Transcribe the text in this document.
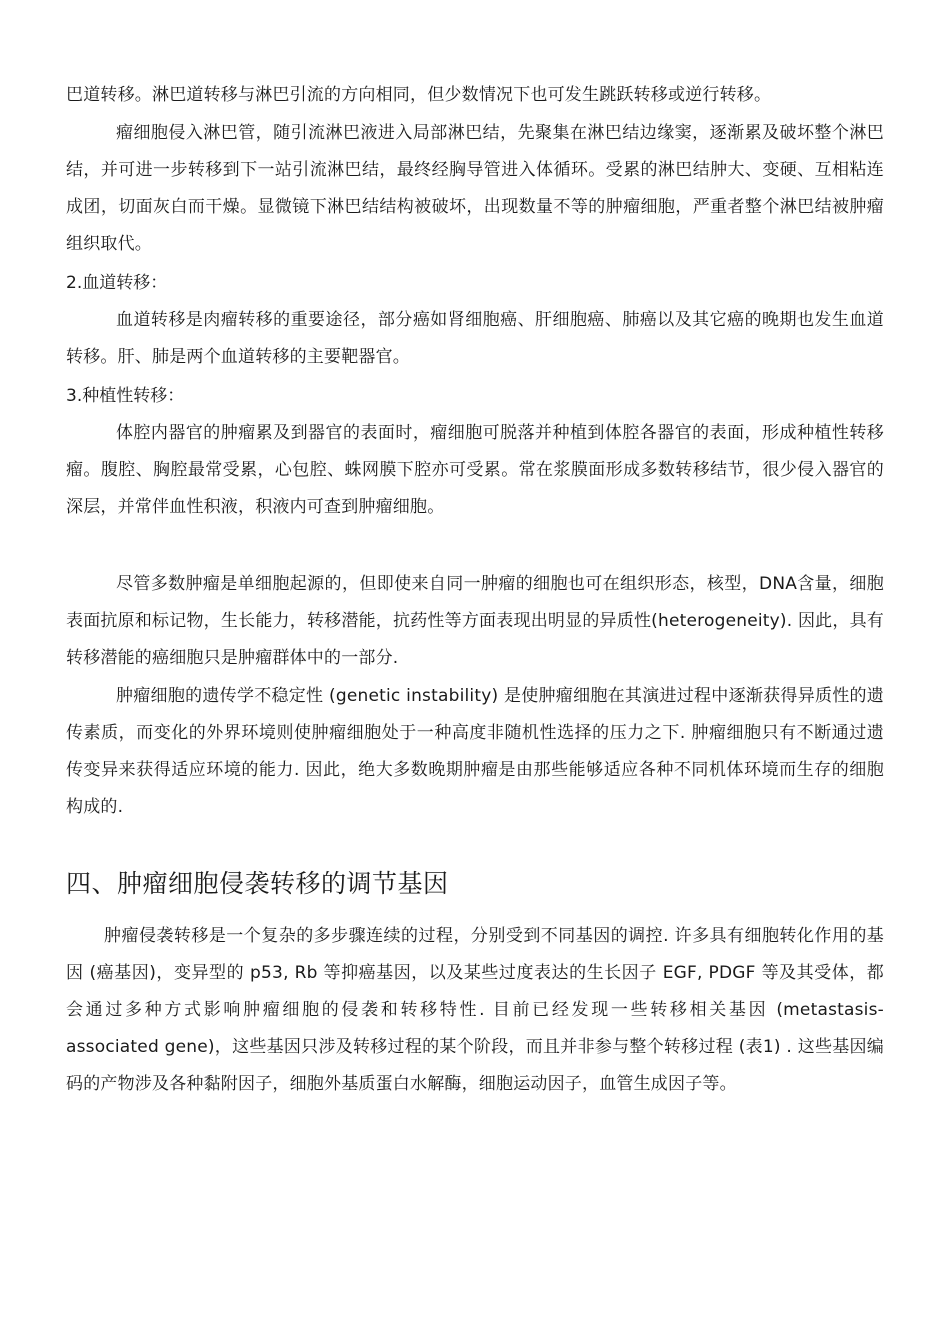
巴道转移。淋巴道转移与淋巴引流的方向相同，但少数情况下也可发生跳跃转移或逆行转移。

瘤细胞侵入淋巴管，随引流淋巴液进入局部淋巴结，先聚集在淋巴结边缘窦，逐渐累及破坏整个淋巴结，并可进一步转移到下一站引流淋巴结，最终经胸导管进入体循环。受累的淋巴结肿大、变硬、互相粘连成团，切面灰白而干燥。显微镜下淋巴结结构被破坏，出现数量不等的肿瘤细胞，严重者整个淋巴结被肿瘤组织取代。

2.血道转移：

血道转移是肉瘤转移的重要途径，部分癌如肾细胞癌、肝细胞癌、肺癌以及其它癌的晚期也发生血道转移。肝、肺是两个血道转移的主要靶器官。

3.种植性转移：

体腔内器官的肿瘤累及到器官的表面时，瘤细胞可脱落并种植到体腔各器官的表面，形成种植性转移瘤。腹腔、胸腔最常受累，心包腔、蛛网膜下腔亦可受累。常在浆膜面形成多数转移结节，很少侵入器官的深层，并常伴血性积液，积液内可查到肿瘤细胞。

尽管多数肿瘤是单细胞起源的，但即使来自同一肿瘤的细胞也可在组织形态，核型，DNA含量，细胞表面抗原和标记物，生长能力，转移潜能，抗药性等方面表现出明显的异质性(heterogeneity). 因此，具有转移潜能的癌细胞只是肿瘤群体中的一部分.

肿瘤细胞的遗传学不稳定性 (genetic instability) 是使肿瘤细胞在其演进过程中逐渐获得异质性的遗传素质，而变化的外界环境则使肿瘤细胞处于一种高度非随机性选择的压力之下. 肿瘤细胞只有不断通过遗传变异来获得适应环境的能力. 因此，绝大多数晚期肿瘤是由那些能够适应各种不同机体环境而生存的细胞构成的.

四、肿瘤细胞侵袭转移的调节基因

肿瘤侵袭转移是一个复杂的多步骤连续的过程，分别受到不同基因的调控. 许多具有细胞转化作用的基因 (癌基因)，变异型的 p53, Rb 等抑癌基因，以及某些过度表达的生长因子 EGF, PDGF 等及其受体，都会通过多种方式影响肿瘤细胞的侵袭和转移特性. 目前已经发现一些转移相关基因 (metastasis-associated gene)，这些基因只涉及转移过程的某个阶段，而且并非参与整个转移过程 (表1) . 这些基因编码的产物涉及各种黏附因子，细胞外基质蛋白水解酶，细胞运动因子，血管生成因子等。
